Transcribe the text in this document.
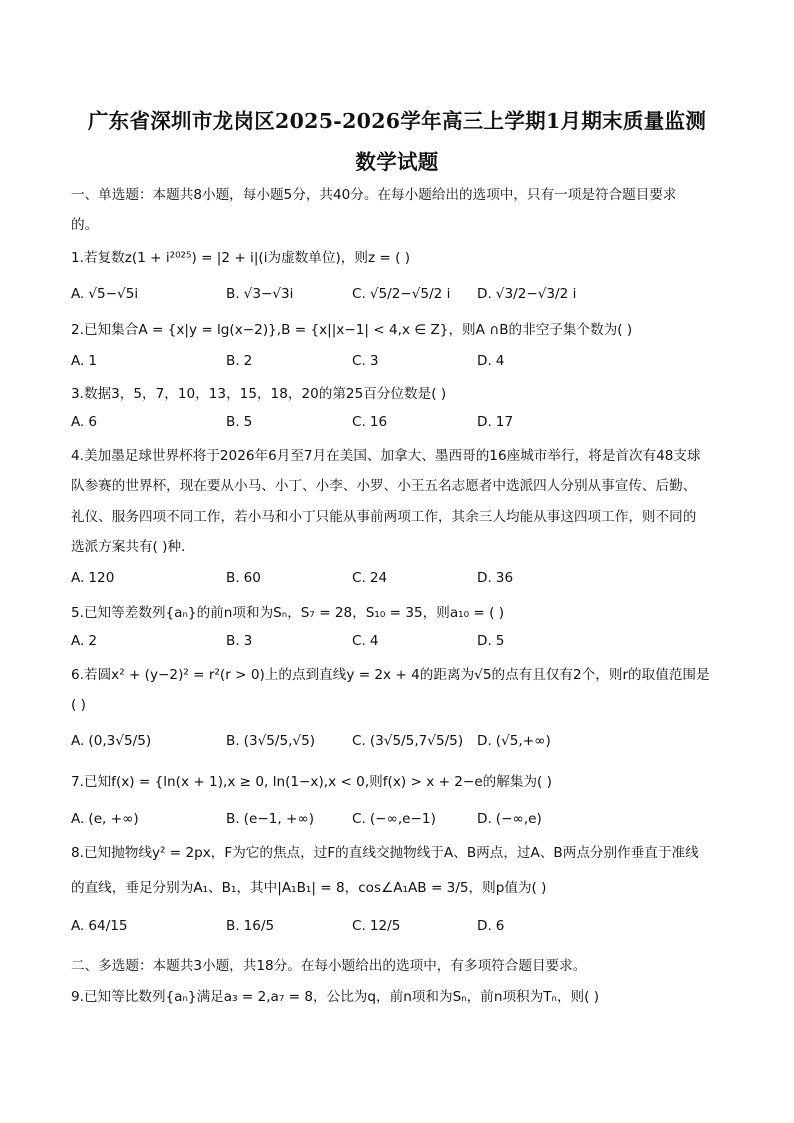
广东省深圳市龙岗区2025-2026学年高三上学期1月期末质量监测
数学试题
一、单选题：本题共8小题，每小题5分，共40分。在每小题给出的选项中，只有一项是符合题目要求
的。
1.若复数z(1 + i²⁰²⁵) = |2 + i|(i为虚数单位)，则z = ( )
A. √5−√5i	B. √3−√3i	C. √5/2−√5/2 i D. √3/2−√3/2 i
2.已知集合A = {x|y = lg(x−2)},B = {x||x−1| < 4,x ∈ Z}，则A ∩B的非空子集个数为( )
A. 1	B. 2	C. 3	D. 4
3.数据3，5，7，10，13，15，18，20的第25百分位数是( )
A. 6	B. 5	C. 16	D. 17
4.美加墨足球世界杯将于2026年6月至7月在美国、加拿大、墨西哥的16座城市举行，将是首次有48支球
队参赛的世界杯，现在要从小马、小丁、小李、小罗、小王五名志愿者中选派四人分别从事宣传、后勤、
礼仪、服务四项不同工作，若小马和小丁只能从事前两项工作，其余三人均能从事这四项工作，则不同的
选派方案共有( )种．
A. 120	B. 60	C. 24	D. 36
5.已知等差数列{aₙ}的前n项和为Sₙ，S₇ = 28，S₁₀ = 35，则a₁₀ = ( )
A. 2	B. 3	C. 4	D. 5
6.若圆x² + (y−2)² = r²(r > 0)上的点到直线y = 2x + 4的距离为√5的点有且仅有2个，则r的取值范围是
( )
A. (0,3√5/5)	B. (3√5/5,√5)	C. (3√5/5,7√5/5) D. (√5,+∞)
7.已知f(x) = {ln(x + 1),x ≥ 0, ln(1−x),x < 0,则f(x) > x + 2−e的解集为( )
A. (e, +∞)	B. (e−1, +∞)	C. (−∞,e−1)	D. (−∞,e)
8.已知抛物线y² = 2px，F为它的焦点，过F的直线交抛物线于A、B两点，过A、B两点分别作垂直于准线
的直线，垂足分别为A₁、B₁，其中|A₁B₁| = 8，cos∠A₁AB = 3/5，则p值为( )
A. 64/15	B. 16/5	C. 12/5	D. 6
二、多选题：本题共3小题，共18分。在每小题给出的选项中，有多项符合题目要求。
9.已知等比数列{aₙ}满足a₃ = 2,a₇ = 8，公比为q，前n项和为Sₙ，前n项积为Tₙ，则( )
